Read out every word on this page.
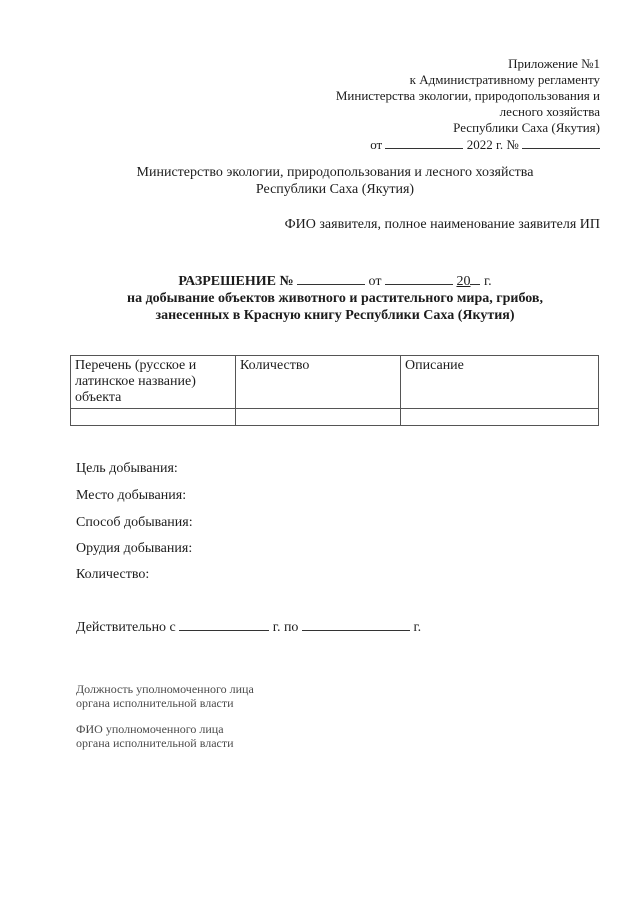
Приложение №1
к Административному регламенту
Министерства экологии, природопользования и
лесного хозяйства
Республики Саха (Якутия)
от	2022 г. №
Министерство экологии, природопользования и лесного хозяйства
Республики Саха (Якутия)
ФИО заявителя, полное наименование заявителя ИП
РАЗРЕШЕНИЕ №	от	20 г.
на добывание объектов животного и растительного мира, грибов,
занесенных в Красную книгу Республики Саха (Якутия)
Перечень (русское и латинское название) объекта	Количество	Описание

Цель добывания:
Место добывания:
Способ добывания:
Орудия добывания:
Количество:
Действительно с	г. по	г.
Должность уполномоченного лица
органа исполнительной власти
ФИО уполномоченного лица
органа исполнительной власти
